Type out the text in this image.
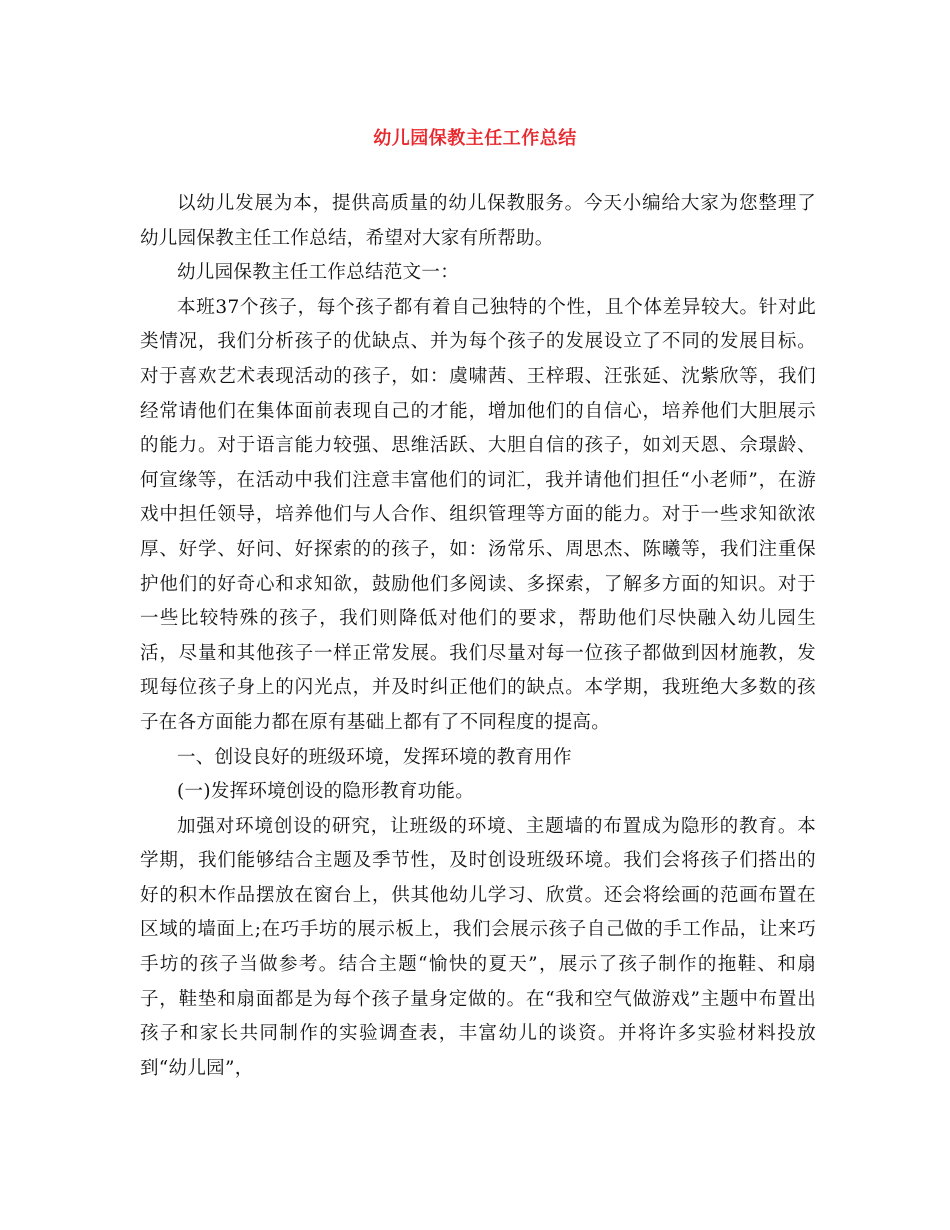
幼儿园保教主任工作总结

以幼儿发展为本，提供高质量的幼儿保教服务。今天小编给大家为您整理了幼儿园保教主任工作总结，希望对大家有所帮助。

幼儿园保教主任工作总结范文一：

本班37个孩子，每个孩子都有着自己独特的个性，且个体差异较大。针对此类情况，我们分析孩子的优缺点、并为每个孩子的发展设立了不同的发展目标。对于喜欢艺术表现活动的孩子，如：虞啸茜、王梓瑕、汪张延、沈紫欣等，我们经常请他们在集体面前表现自己的才能，增加他们的自信心，培养他们大胆展示的能力。对于语言能力较强、思维活跃、大胆自信的孩子，如刘天恩、佘璟龄、何宣缘等，在活动中我们注意丰富他们的词汇，我并请他们担任“小老师”，在游戏中担任领导，培养他们与人合作、组织管理等方面的能力。对于一些求知欲浓厚、好学、好问、好探索的的孩子，如：汤常乐、周思杰、陈曦等，我们注重保护他们的好奇心和求知欲，鼓励他们多阅读、多探索，了解多方面的知识。对于一些比较特殊的孩子，我们则降低对他们的要求，帮助他们尽快融入幼儿园生活，尽量和其他孩子一样正常发展。我们尽量对每一位孩子都做到因材施教，发现每位孩子身上的闪光点，并及时纠正他们的缺点。本学期，我班绝大多数的孩子在各方面能力都在原有基础上都有了不同程度的提高。

一、创设良好的班级环境，发挥环境的教育用作

(一)发挥环境创设的隐形教育功能。

加强对环境创设的研究，让班级的环境、主题墙的布置成为隐形的教育。本学期，我们能够结合主题及季节性，及时创设班级环境。我们会将孩子们搭出的好的积木作品摆放在窗台上，供其他幼儿学习、欣赏。还会将绘画的范画布置在区域的墙面上;在巧手坊的展示板上，我们会展示孩子自己做的手工作品，让来巧手坊的孩子当做参考。结合主题“愉快的夏天”，展示了孩子制作的拖鞋、和扇子，鞋垫和扇面都是为每个孩子量身定做的。在“我和空气做游戏”主题中布置出孩子和家长共同制作的实验调查表，丰富幼儿的谈资。并将许多实验材料投放到“幼儿园”，
